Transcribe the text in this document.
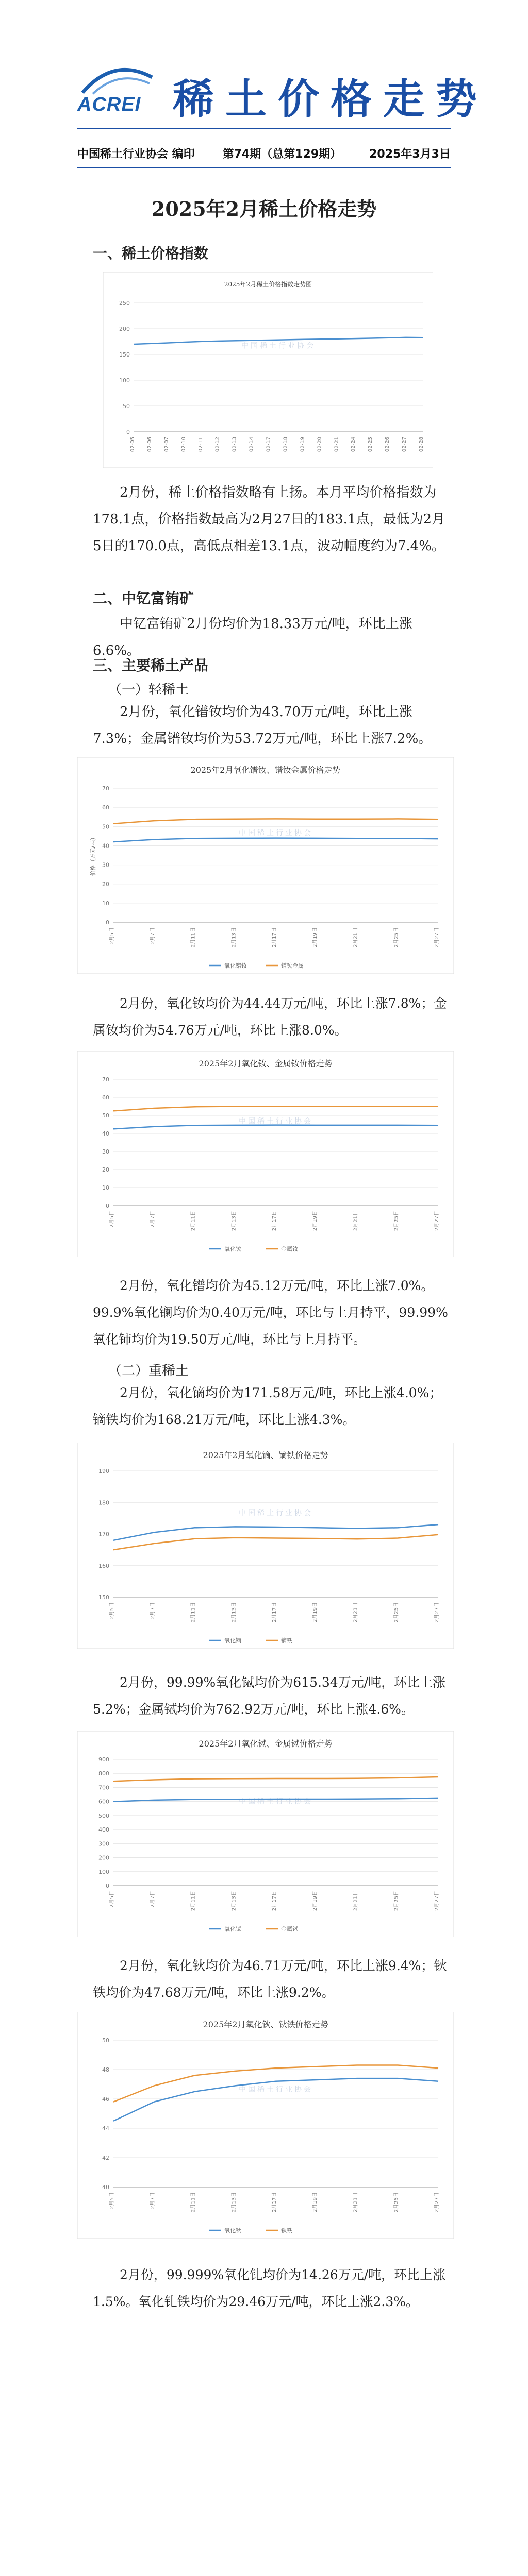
ACREI 稀土价格走势
中国稀土行业协会 编印 第74期（总第129期） 2025年3月3日
2025年2月稀土价格走势
一、稀土价格指数
2025年2月稀土价格指数走势图
0
50
100
150
200
250
02-05 02-06 02-07 02-10 02-11 02-12 02-13 02-14 02-17 02-18 02-19 02-20 02-21 02-24 02-25 02-26 02-27 02-28
中国稀土行业协会
2月份，稀土价格指数略有上扬。本月平均价格指数为178.1点，价格指数最高为2月27日的183.1点，最低为2月5日的170.0点，高低点相差13.1点，波动幅度约为7.4%。
二、中钇富铕矿
中钇富铕矿2月份均价为18.33万元/吨，环比上涨6.6%。
三、主要稀土产品
（一）轻稀土
2月份，氧化镨钕均价为43.70万元/吨，环比上涨7.3%；金属镨钕均价为53.72万元/吨，环比上涨7.2%。
2025年2月氧化镨钕、镨钕金属价格走势
0
10
20
30
40
50
60
70
价格（万元/吨）
2月5日	2月7日	2月11日	2月13日	2月17日	2月19日	2月21日	2月25日	2月27日
中国稀土行业协会
氧化镨钕	镨钕金属
2月份，氧化钕均价为44.44万元/吨，环比上涨7.8%；金属钕均价为54.76万元/吨，环比上涨8.0%。
2025年2月氧化钕、金属钕价格走势
0
10
20
30
40
50
60
70
2月5日	2月7日	2月11日	2月13日	2月17日	2月19日	2月21日	2月25日	2月27日
中国稀土行业协会
氧化钕	金属钕
2月份，氧化镨均价为45.12万元/吨，环比上涨7.0%。99.9%氧化镧均价为0.40万元/吨，环比与上月持平，99.99%氧化铈均价为19.50万元/吨，环比与上月持平。
（二）重稀土
2月份，氧化镝均价为171.58万元/吨，环比上涨4.0%；镝铁均价为168.21万元/吨，环比上涨4.3%。
2025年2月氧化镝、镝铁价格走势
150
160
170
180
190
2月5日	2月7日	2月11日	2月13日	2月17日	2月19日	2月21日	2月25日	2月27日
中国稀土行业协会
氧化镝	镝铁
2月份，99.99%氧化铽均价为615.34万元/吨，环比上涨5.2%；金属铽均价为762.92万元/吨，环比上涨4.6%。
2025年2月氧化铽、金属铽价格走势
0
100
200
300
400
500
600
700
800
900
2月5日	2月7日	2月11日	2月13日	2月17日	2月19日	2月21日	2月25日	2月27日
中国稀土行业协会
氧化铽	金属铽
2月份，氧化钬均价为46.71万元/吨，环比上涨9.4%；钬铁均价为47.68万元/吨，环比上涨9.2%。
2025年2月氧化钬、钬铁价格走势
40
42
44
46
48
50
2月5日	2月7日	2月11日	2月13日	2月17日	2月19日	2月21日	2月25日	2月27日
中国稀土行业协会
氧化钬	钬铁
2月份，99.999%氧化钆均价为14.26万元/吨，环比上涨1.5%。氧化钆铁均价为29.46万元/吨，环比上涨2.3%。
